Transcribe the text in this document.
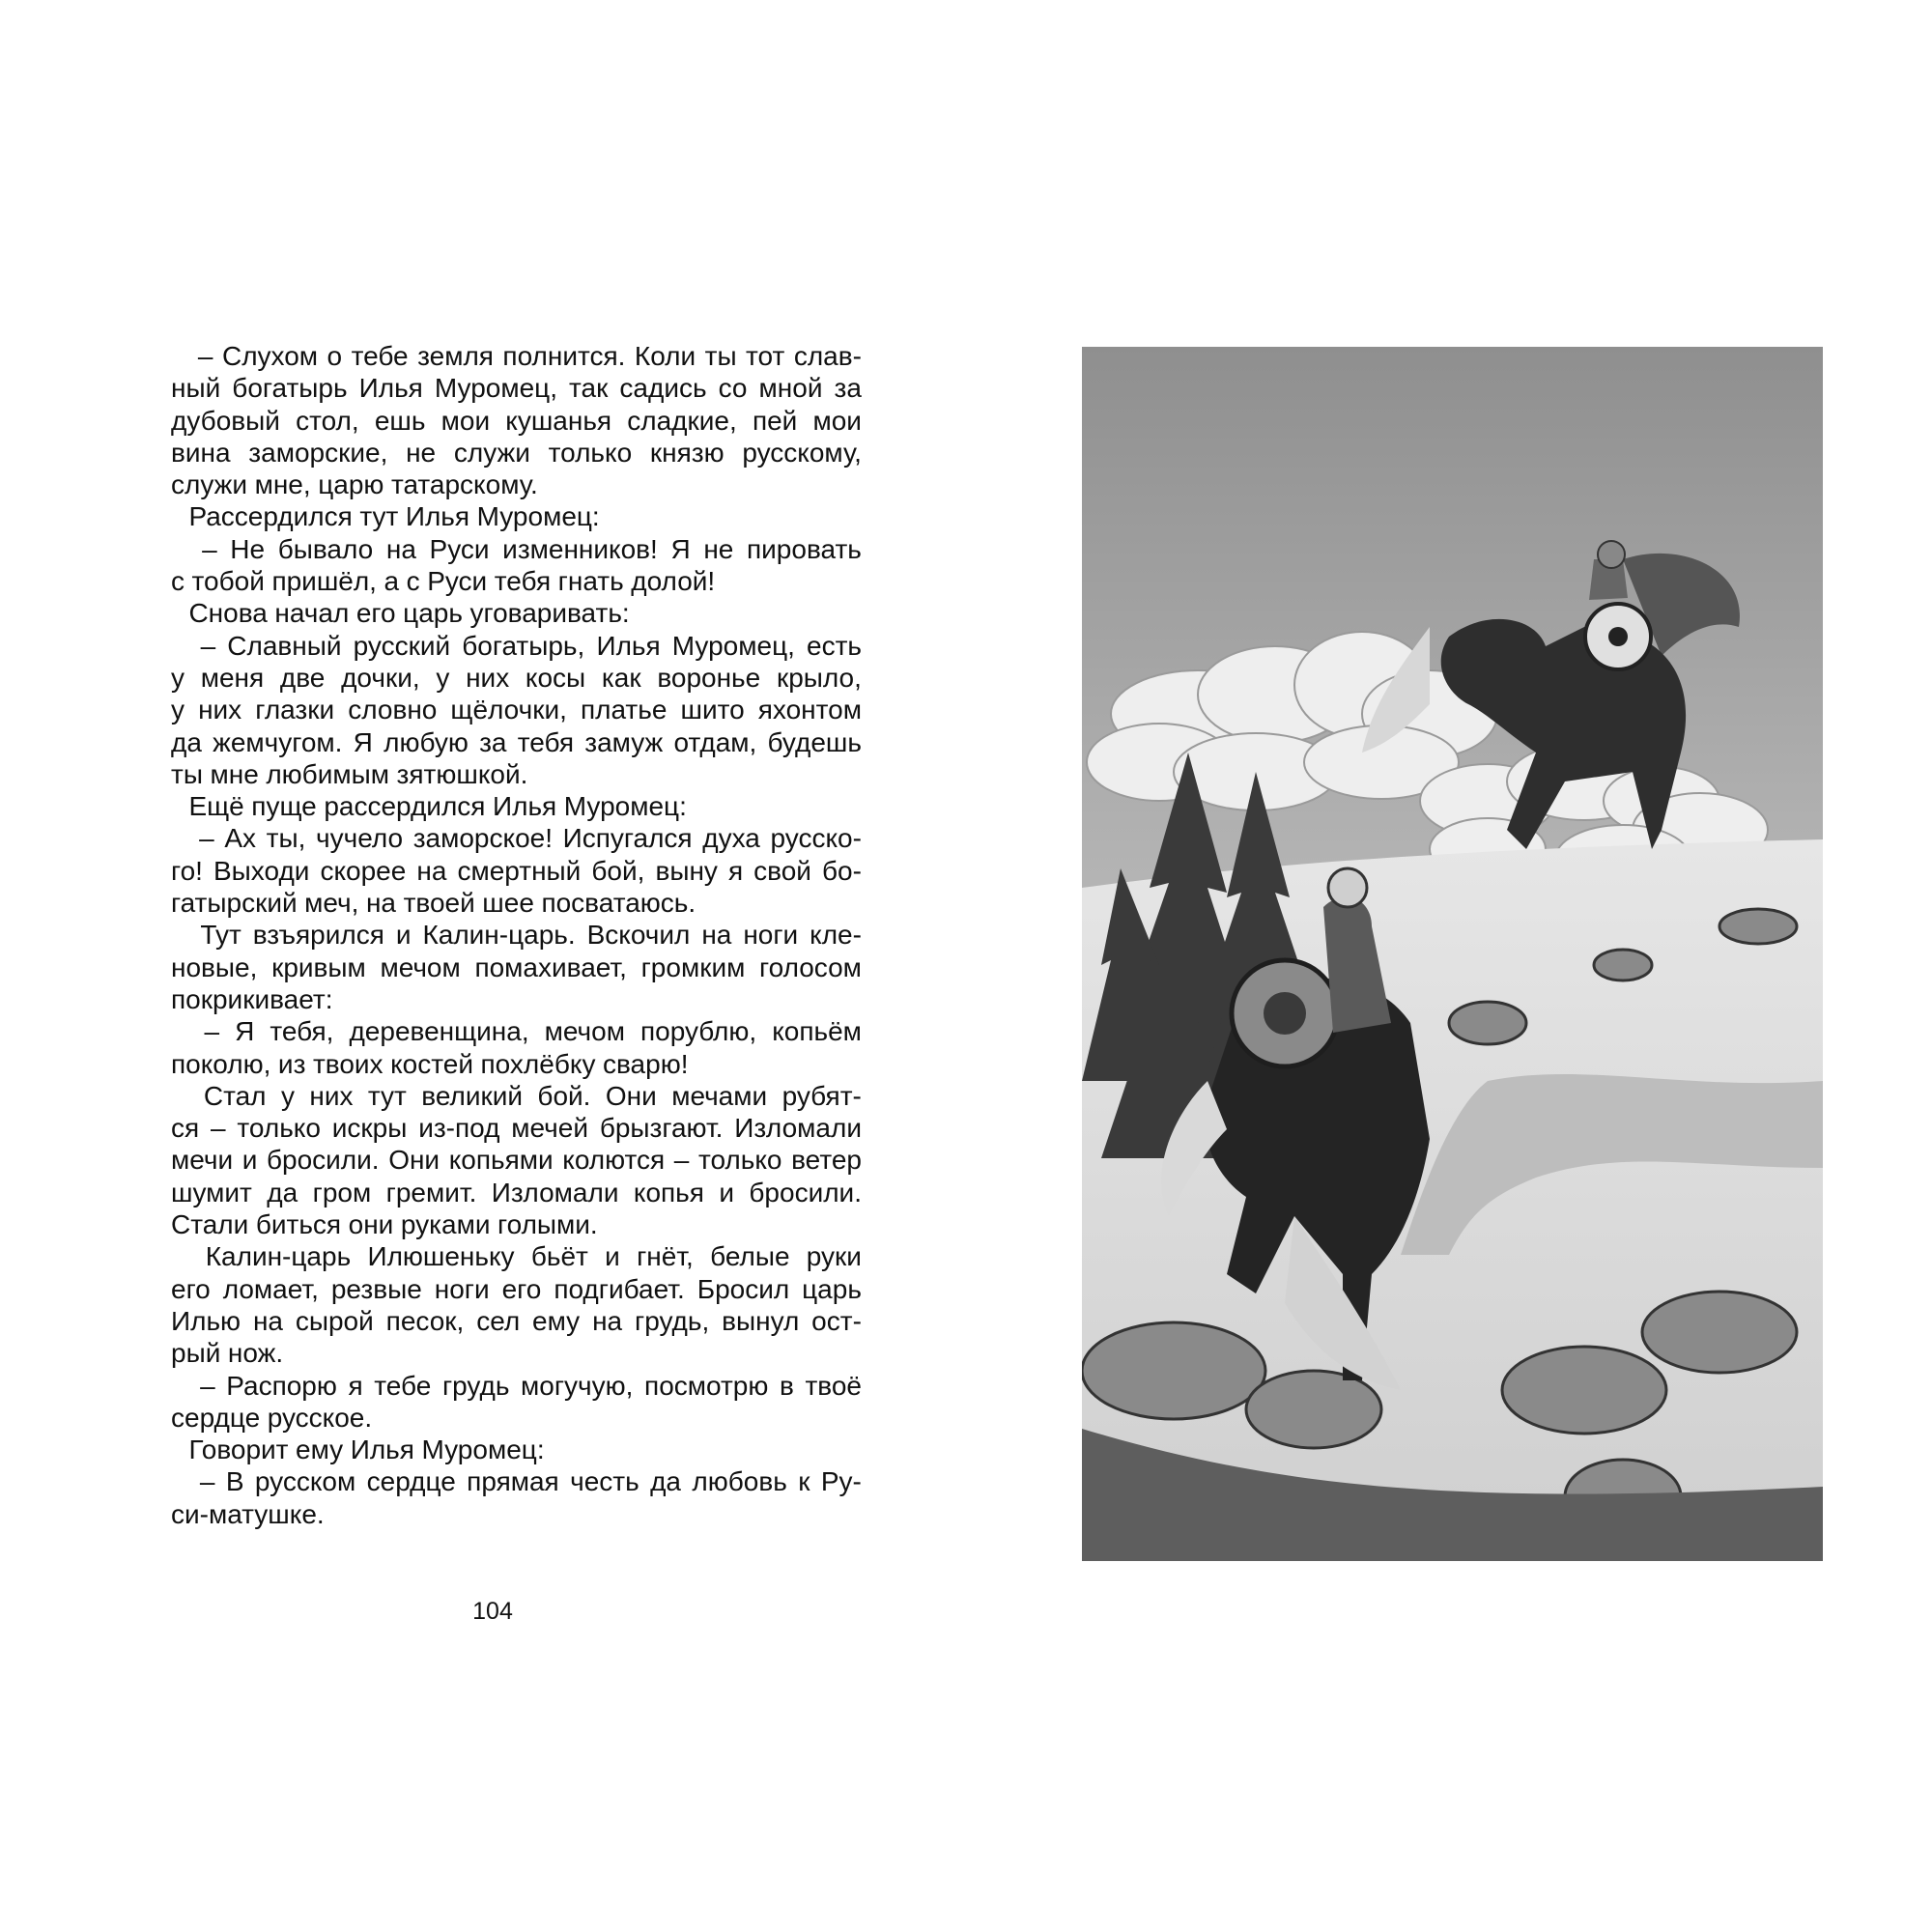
– Слухом о тебе земля полнится. Коли ты тот слав-
ный богатырь Илья Муромец, так садись со мной за
дубовый стол, ешь мои кушанья сладкие, пей мои
вина заморские, не служи только князю русскому,
служи мне, царю татарскому.
Рассердился тут Илья Муромец:
– Не бывало на Руси изменников! Я не пировать
с тобой пришёл, а с Руси тебя гнать долой!
Снова начал его царь уговаривать:
– Славный русский богатырь, Илья Муромец, есть
у меня две дочки, у них косы как воронье крыло,
у них глазки словно щёлочки, платье шито яхонтом
да жемчугом. Я любую за тебя замуж отдам, будешь
ты мне любимым зятюшкой.
Ещё пуще рассердился Илья Муромец:
– Ах ты, чучело заморское! Испугался духа русско-
го! Выходи скорее на смертный бой, выну я свой бо-
гатырский меч, на твоей шее посватаюсь.
Тут взъярился и Калин-царь. Вскочил на ноги кле-
новые, кривым мечом помахивает, громким голосом
покрикивает:
– Я тебя, деревенщина, мечом порублю, копьём
поколю, из твоих костей похлёбку сварю!
Стал у них тут великий бой. Они мечами рубят-
ся – только искры из-под мечей брызгают. Изломали
мечи и бросили. Они копьями колются – только ветер
шумит да гром гремит. Изломали копья и бросили.
Стали биться они руками голыми.
Калин-царь Илюшеньку бьёт и гнёт, белые руки
его ломает, резвые ноги его подгибает. Бросил царь
Илью на сырой песок, сел ему на грудь, вынул ост-
рый нож.
– Распорю я тебе грудь могучую, посмотрю в твоё
сердце русское.
Говорит ему Илья Муромец:
– В русском сердце прямая честь да любовь к Ру-
си-матушке.
104
